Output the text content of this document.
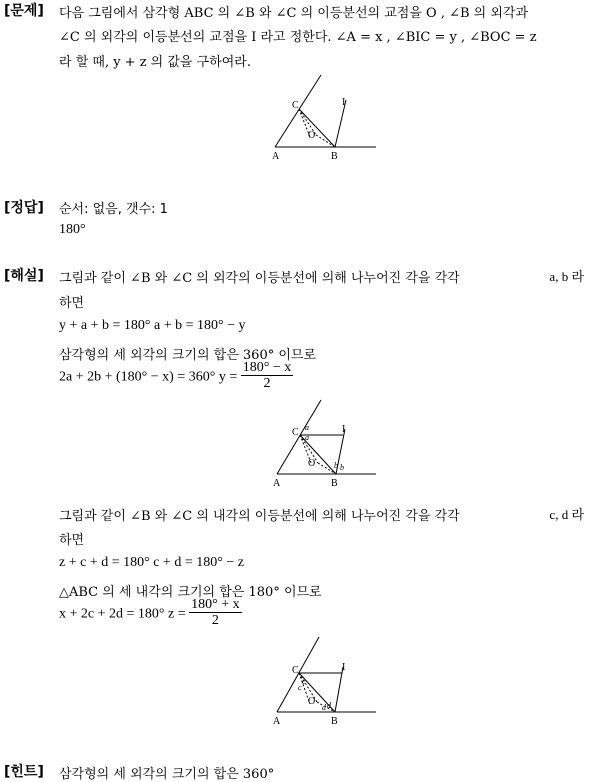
[문제] 다음 그림에서 삼각형 ABC 의 ∠B 와 ∠C 의 이등분선의 교점을 O , ∠B 의 외각과
∠C 의 외각의 이등분선의 교점을 I 라고 정한다. ∠A = x , ∠BIC = y , ∠BOC = z
라 할 때, y + z 의 값을 구하여라.
A	B
C	I
O
[정답] 순서: 없음, 갯수: 1
180°
[해설] 그림과 같이 ∠B 와 ∠C 의 외각의 이등분선에 의해 나누어진 각을 각각	a, b 라
하면
y + a + b = 180° a + b = 180° − y
삼각형의 세 외각의 크기의 합은 360° 이므로
2a + 2b + (180° − x) = 360° $y = \frac{180^\circ - x}{2}$
A	B
C	I
O
a
a
b b
그림과 같이 ∠B 와 ∠C 의 내각의 이등분선에 의해 나누어진 각을 각각	c, d 라
하면
z + c + d = 180° c + d = 180° − z
△ABC 의 세 내각의 크기의 합은 180° 이므로
x + 2c + 2d = 180° $z = \frac{180^\circ + x}{2}$
A	B
C	I
O
c
c
d d
[힌트] 삼각형의 세 외각의 크기의 합은 360°
